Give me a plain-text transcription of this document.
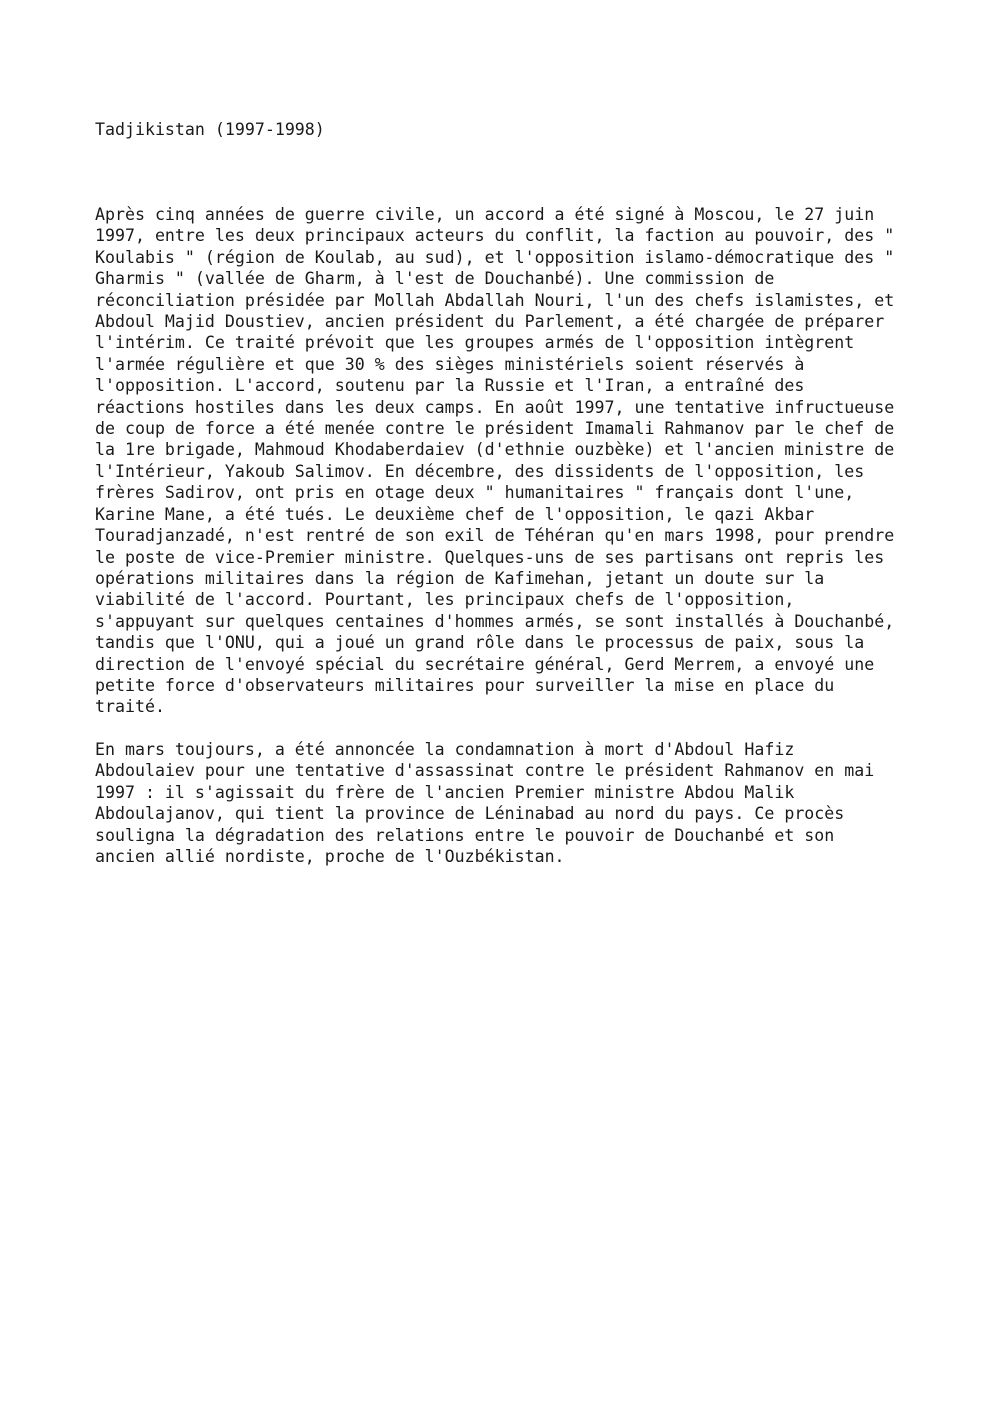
Tadjikistan (1997-1998)

Après cinq années de guerre civile, un accord a été signé à Moscou, le 27 juin
1997, entre les deux principaux acteurs du conflit, la faction au pouvoir, des "
Koulabis " (région de Koulab, au sud), et l'opposition islamo-démocratique des "
Gharmis " (vallée de Gharm, à l'est de Douchanbé). Une commission de
réconciliation présidée par Mollah Abdallah Nouri, l'un des chefs islamistes, et
Abdoul Majid Doustiev, ancien président du Parlement, a été chargée de préparer
l'intérim. Ce traité prévoit que les groupes armés de l'opposition intègrent
l'armée régulière et que 30 % des sièges ministériels soient réservés à
l'opposition. L'accord, soutenu par la Russie et l'Iran, a entraîné des
réactions hostiles dans les deux camps. En août 1997, une tentative infructueuse
de coup de force a été menée contre le président Imamali Rahmanov par le chef de
la 1re brigade, Mahmoud Khodaberdaiev (d'ethnie ouzbèke) et l'ancien ministre de
l'Intérieur, Yakoub Salimov. En décembre, des dissidents de l'opposition, les
frères Sadirov, ont pris en otage deux " humanitaires " français dont l'une,
Karine Mane, a été tués. Le deuxième chef de l'opposition, le qazi Akbar
Touradjanzadé, n'est rentré de son exil de Téhéran qu'en mars 1998, pour prendre
le poste de vice-Premier ministre. Quelques-uns de ses partisans ont repris les
opérations militaires dans la région de Kafimehan, jetant un doute sur la
viabilité de l'accord. Pourtant, les principaux chefs de l'opposition,
s'appuyant sur quelques centaines d'hommes armés, se sont installés à Douchanbé,
tandis que l'ONU, qui a joué un grand rôle dans le processus de paix, sous la
direction de l'envoyé spécial du secrétaire général, Gerd Merrem, a envoyé une
petite force d'observateurs militaires pour surveiller la mise en place du
traité.

En mars toujours, a été annoncée la condamnation à mort d'Abdoul Hafiz
Abdoulaiev pour une tentative d'assassinat contre le président Rahmanov en mai
1997 : il s'agissait du frère de l'ancien Premier ministre Abdou Malik
Abdoulajanov, qui tient la province de Léninabad au nord du pays. Ce procès
souligna la dégradation des relations entre le pouvoir de Douchanbé et son
ancien allié nordiste, proche de l'Ouzbékistan.
